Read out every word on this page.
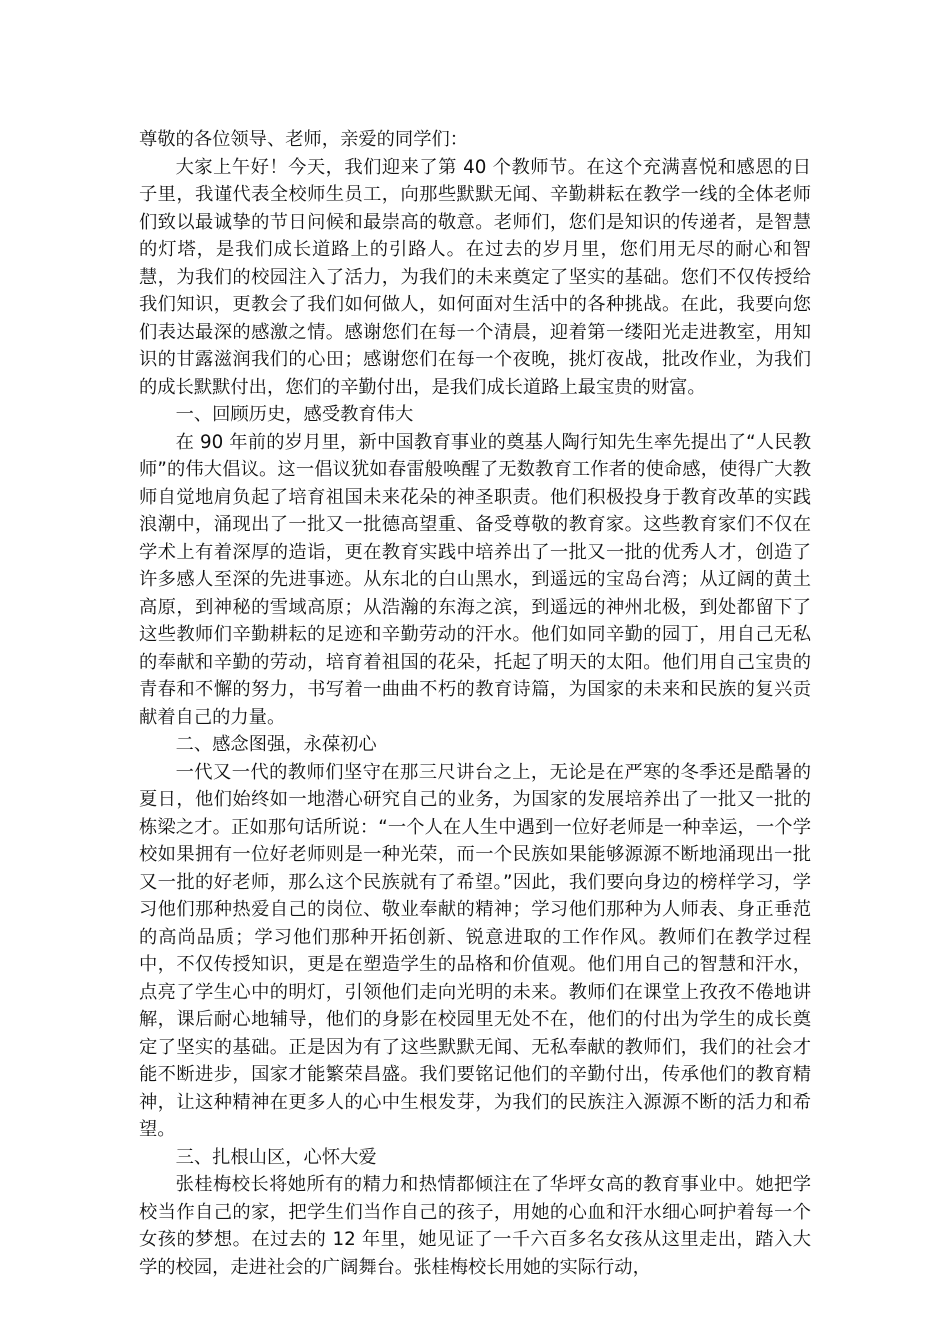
尊敬的各位领导、老师，亲爱的同学们：

大家上午好！今天，我们迎来了第 40 个教师节。在这个充满喜悦和感恩的日子里，我谨代表全校师生员工，向那些默默无闻、辛勤耕耘在教学一线的全体老师们致以最诚挚的节日问候和最崇高的敬意。老师们，您们是知识的传递者，是智慧的灯塔，是我们成长道路上的引路人。在过去的岁月里，您们用无尽的耐心和智慧，为我们的校园注入了活力，为我们的未来奠定了坚实的基础。您们不仅传授给我们知识，更教会了我们如何做人，如何面对生活中的各种挑战。在此，我要向您们表达最深的感激之情。感谢您们在每一个清晨，迎着第一缕阳光走进教室，用知识的甘露滋润我们的心田；感谢您们在每一个夜晚，挑灯夜战，批改作业，为我们的成长默默付出，您们的辛勤付出，是我们成长道路上最宝贵的财富。

一、回顾历史，感受教育伟大

在 90 年前的岁月里，新中国教育事业的奠基人陶行知先生率先提出了“人民教师”的伟大倡议。这一倡议犹如春雷般唤醒了无数教育工作者的使命感，使得广大教师自觉地肩负起了培育祖国未来花朵的神圣职责。他们积极投身于教育改革的实践浪潮中，涌现出了一批又一批德高望重、备受尊敬的教育家。这些教育家们不仅在学术上有着深厚的造诣，更在教育实践中培养出了一批又一批的优秀人才，创造了许多感人至深的先进事迹。从东北的白山黑水，到遥远的宝岛台湾；从辽阔的黄土高原，到神秘的雪域高原；从浩瀚的东海之滨，到遥远的神州北极，到处都留下了这些教师们辛勤耕耘的足迹和辛勤劳动的汗水。他们如同辛勤的园丁，用自己无私的奉献和辛勤的劳动，培育着祖国的花朵，托起了明天的太阳。他们用自己宝贵的青春和不懈的努力，书写着一曲曲不朽的教育诗篇，为国家的未来和民族的复兴贡献着自己的力量。

二、感念图强，永葆初心

一代又一代的教师们坚守在那三尺讲台之上，无论是在严寒的冬季还是酷暑的夏日，他们始终如一地潜心研究自己的业务，为国家的发展培养出了一批又一批的栋梁之才。正如那句话所说：“一个人在人生中遇到一位好老师是一种幸运，一个学校如果拥有一位好老师则是一种光荣，而一个民族如果能够源源不断地涌现出一批又一批的好老师，那么这个民族就有了希望。”因此，我们要向身边的榜样学习，学习他们那种热爱自己的岗位、敬业奉献的精神；学习他们那种为人师表、身正垂范的高尚品质；学习他们那种开拓创新、锐意进取的工作作风。教师们在教学过程中，不仅传授知识，更是在塑造学生的品格和价值观。他们用自己的智慧和汗水，点亮了学生心中的明灯，引领他们走向光明的未来。教师们在课堂上孜孜不倦地讲解，课后耐心地辅导，他们的身影在校园里无处不在，他们的付出为学生的成长奠定了坚实的基础。正是因为有了这些默默无闻、无私奉献的教师们，我们的社会才能不断进步，国家才能繁荣昌盛。我们要铭记他们的辛勤付出，传承他们的教育精神，让这种精神在更多人的心中生根发芽，为我们的民族注入源源不断的活力和希望。

三、扎根山区，心怀大爱

张桂梅校长将她所有的精力和热情都倾注在了华坪女高的教育事业中。她把学校当作自己的家，把学生们当作自己的孩子，用她的心血和汗水细心呵护着每一个女孩的梦想。在过去的 12 年里，她见证了一千六百多名女孩从这里走出，踏入大学的校园，走进社会的广阔舞台。张桂梅校长用她的实际行动，
